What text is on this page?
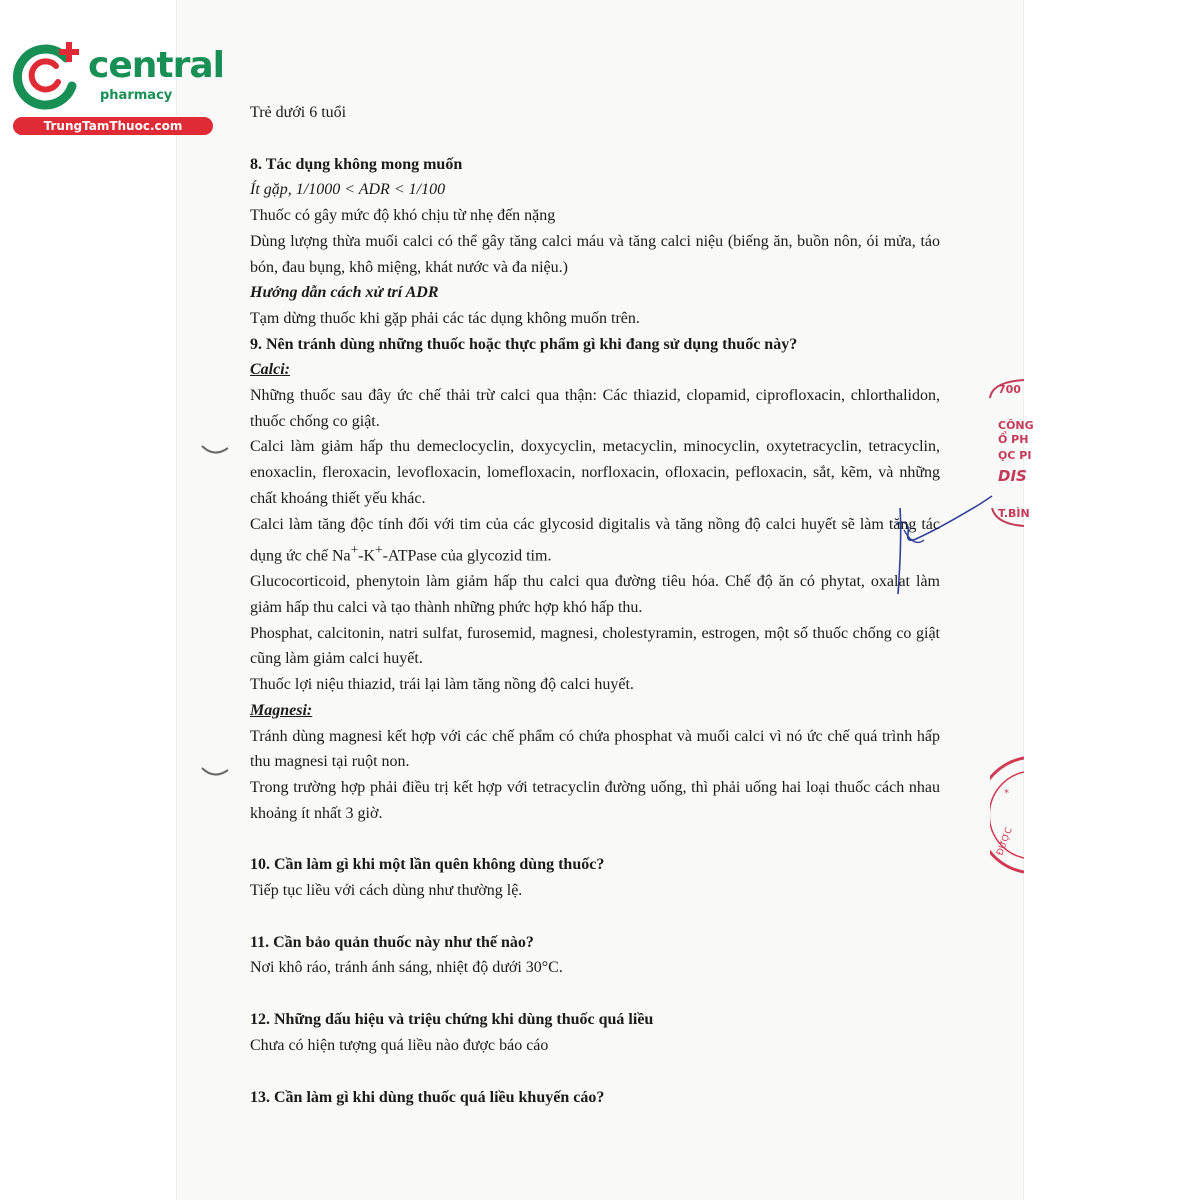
central
pharmacy
TrungTamThuoc.com
700
CÔNG
Ổ PH
ỌC PI
DIS
T.BÌN
*
ĐƯỢC

Trẻ dưới 6 tuổi

8. Tác dụng không mong muốn

Ít gặp, 1/1000 < ADR < 1/100

Thuốc có gây mức độ khó chịu từ nhẹ đến nặng

Dùng lượng thừa muối calci có thể gây tăng calci máu và tăng calci niệu (biếng ăn, buồn nôn, ói mửa, táo bón, đau bụng, khô miệng, khát nước và đa niệu.)

Hướng dẫn cách xử trí ADR

Tạm dừng thuốc khi gặp phải các tác dụng không muốn trên.

9. Nên tránh dùng những thuốc hoặc thực phẩm gì khi đang sử dụng thuốc này?

Calci:

Những thuốc sau đây ức chế thải trừ calci qua thận: Các thiazid, clopamid, ciprofloxacin, chlorthalidon, thuốc chống co giật.

Calci làm giảm hấp thu demeclocyclin, doxycyclin, metacyclin, minocyclin, oxytetracyclin, tetracyclin, enoxaclin, fleroxacin, levofloxacin, lomefloxacin, norfloxacin, ofloxacin, pefloxacin, sắt, kẽm, và những chất khoáng thiết yếu khác.

Calci làm tăng độc tính đối với tim của các glycosid digitalis và tăng nồng độ calci huyết sẽ làm tăng tác dụng ức chế Na+-K+-ATPase của glycozid tim.

Glucocorticoid, phenytoin làm giảm hấp thu calci qua đường tiêu hóa. Chế độ ăn có phytat, oxalat làm giảm hấp thu calci và tạo thành những phức hợp khó hấp thu.

Phosphat, calcitonin, natri sulfat, furosemid, magnesi, cholestyramin, estrogen, một số thuốc chống co giật cũng làm giảm calci huyết.

Thuốc lợi niệu thiazid, trái lại làm tăng nồng độ calci huyết.

Magnesi:

Tránh dùng magnesi kết hợp với các chế phẩm có chứa phosphat và muối calci vì nó ức chế quá trình hấp thu magnesi tại ruột non.

Trong trường hợp phải điều trị kết hợp với tetracyclin đường uống, thì phải uống hai loại thuốc cách nhau khoảng ít nhất 3 giờ.

10. Cần làm gì khi một lần quên không dùng thuốc?

Tiếp tục liều với cách dùng như thường lệ.

11. Cần bảo quản thuốc này như thế nào?

Nơi khô ráo, tránh ánh sáng, nhiệt độ dưới 30°C.

12. Những dấu hiệu và triệu chứng khi dùng thuốc quá liều

Chưa có hiện tượng quá liều nào được báo cáo

13. Cần làm gì khi dùng thuốc quá liều khuyến cáo?
